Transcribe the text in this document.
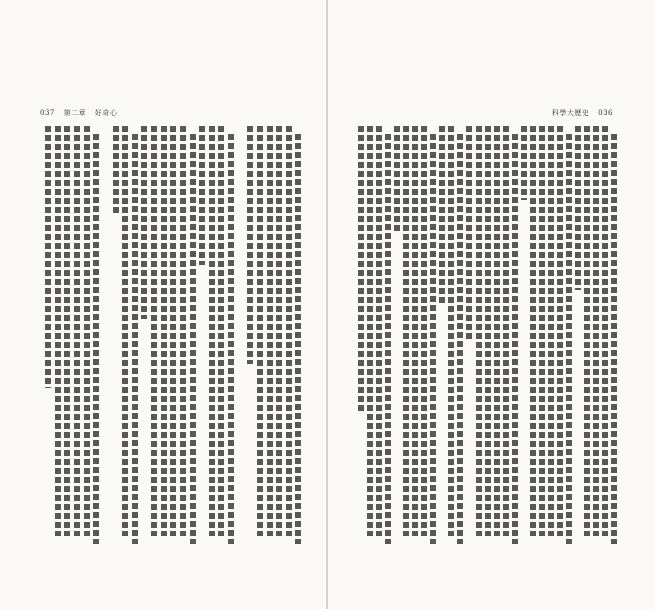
037 第二章 好奇心	科學大歷史 036
